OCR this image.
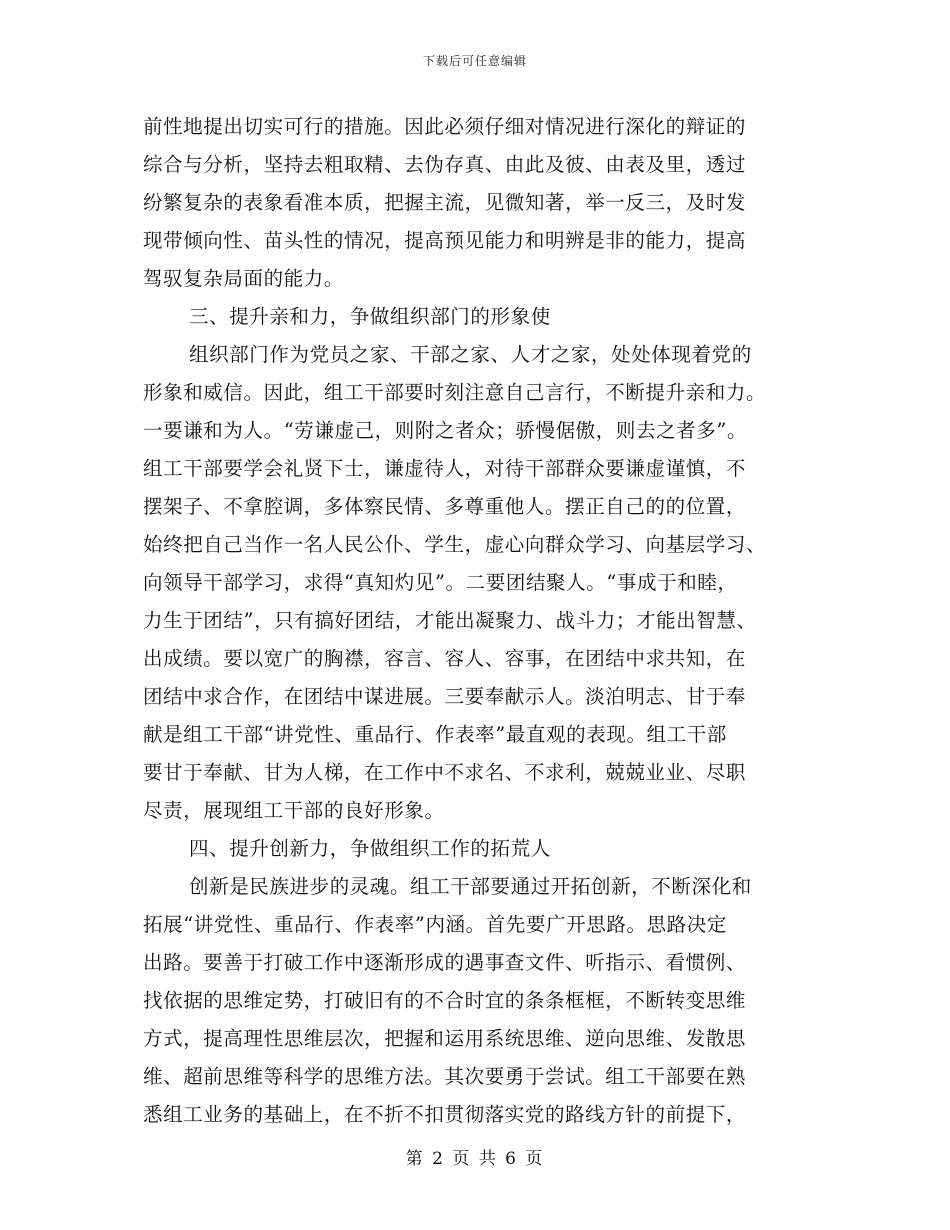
下载后可任意编辑
前性地提出切实可行的措施。因此必须仔细对情况进行深化的辩证的
综合与分析，坚持去粗取精、去伪存真、由此及彼、由表及里，透过
纷繁复杂的表象看准本质，把握主流，见微知著，举一反三，及时发
现带倾向性、苗头性的情况，提高预见能力和明辨是非的能力，提高
驾驭复杂局面的能力。
三、提升亲和力，争做组织部门的形象使
组织部门作为党员之家、干部之家、人才之家，处处体现着党的
形象和威信。因此，组工干部要时刻注意自己言行，不断提升亲和力。
一要谦和为人。“劳谦虚己，则附之者众；骄慢倨傲，则去之者多”。
组工干部要学会礼贤下士，谦虚待人，对待干部群众要谦虚谨慎，不
摆架子、不拿腔调，多体察民情、多尊重他人。摆正自己的的位置，
始终把自己当作一名人民公仆、学生，虚心向群众学习、向基层学习、
向领导干部学习，求得“真知灼见”。二要团结聚人。“事成于和睦，
力生于团结”，只有搞好团结，才能出凝聚力、战斗力；才能出智慧、
出成绩。要以宽广的胸襟，容言、容人、容事，在团结中求共知，在
团结中求合作，在团结中谋进展。三要奉献示人。淡泊明志、甘于奉
献是组工干部“讲党性、重品行、作表率”最直观的表现。组工干部
要甘于奉献、甘为人梯，在工作中不求名、不求利，兢兢业业、尽职
尽责，展现组工干部的良好形象。
四、提升创新力，争做组织工作的拓荒人
创新是民族进步的灵魂。组工干部要通过开拓创新，不断深化和
拓展“讲党性、重品行、作表率”内涵。首先要广开思路。思路决定
出路。要善于打破工作中逐渐形成的遇事查文件、听指示、看惯例、
找依据的思维定势，打破旧有的不合时宜的条条框框，不断转变思维
方式，提高理性思维层次，把握和运用系统思维、逆向思维、发散思
维、超前思维等科学的思维方法。其次要勇于尝试。组工干部要在熟
悉组工业务的基础上，在不折不扣贯彻落实党的路线方针的前提下，
第 2 页 共 6 页
